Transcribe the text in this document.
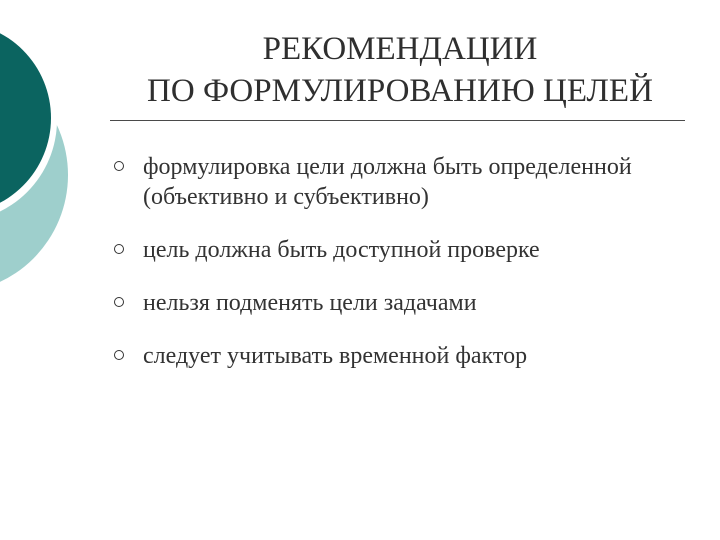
РЕКОМЕНДАЦИИ
ПО ФОРМУЛИРОВАНИЮ ЦЕЛЕЙ
формулировка цели должна быть определенной (объективно и субъективно)
цель должна быть доступной проверке
нельзя подменять цели задачами
следует учитывать временной фактор
